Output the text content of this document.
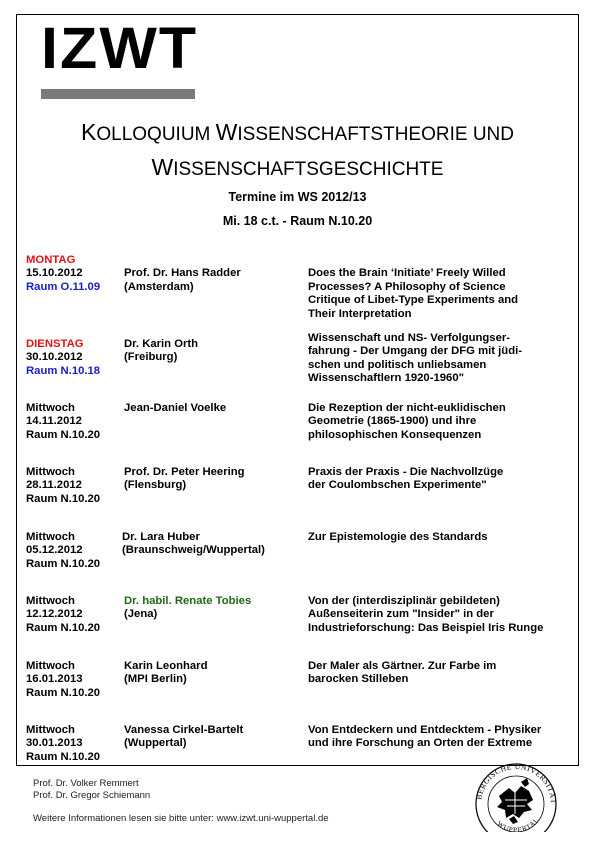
IZWT
KOLLOQUIUM WISSENSCHAFTSTHEORIE UND
WISSENSCHAFTSGESCHICHTE
Termine im WS 2012/13
Mi. 18 c.t. - Raum N.10.20
MONTAG
15.10.2012
Raum O.11.09
Prof. Dr. Hans Radder
(Amsterdam)
Does the Brain ‘Initiate’ Freely Willed
Processes? A Philosophy of Science
Critique of Libet-Type Experiments and
Their Interpretation
DIENSTAG
30.10.2012
Raum N.10.18
Dr. Karin Orth
(Freiburg)
Wissenschaft und NS- Verfolgungser-
fahrung - Der Umgang der DFG mit jüdi-
schen und politisch unliebsamen
Wissenschaftlern 1920-1960"
Mittwoch
14.11.2012
Raum N.10.20
Jean-Daniel Voelke	Die Rezeption der nicht-euklidischen
Geometrie (1865-1900) und ihre
philosophischen Konsequenzen
Mittwoch
28.11.2012
Raum N.10.20
Prof. Dr. Peter Heering
(Flensburg)
Praxis der Praxis - Die Nachvollzüge
der Coulombschen Experimente"
Mittwoch
05.12.2012
Raum N.10.20
Dr. Lara Huber
(Braunschweig/Wuppertal)
Zur Epistemologie des Standards
Mittwoch
12.12.2012
Raum N.10.20
Dr. habil. Renate Tobies
(Jena)
Von der (interdisziplinär gebildeten)
Außenseiterin zum "Insider" in der
Industrieforschung: Das Beispiel Iris Runge
Mittwoch
16.01.2013
Raum N.10.20
Karin Leonhard
(MPI Berlin)
Der Maler als Gärtner. Zur Farbe im
barocken Stilleben
Mittwoch
30.01.2013
Raum N.10.20
Vanessa Cirkel-Bartelt
(Wuppertal)
Von Entdeckern und Entdecktem - Physiker
und ihre Forschung an Orten der Extreme
Prof. Dr. Volker Remmert
Prof. Dr. Gregor Schiemann
Weitere Informationen lesen sie bitte unter: www.izwt.uni-wuppertal.de
BERGISCHE UNIVERSITÄT
WUPPERTAL
